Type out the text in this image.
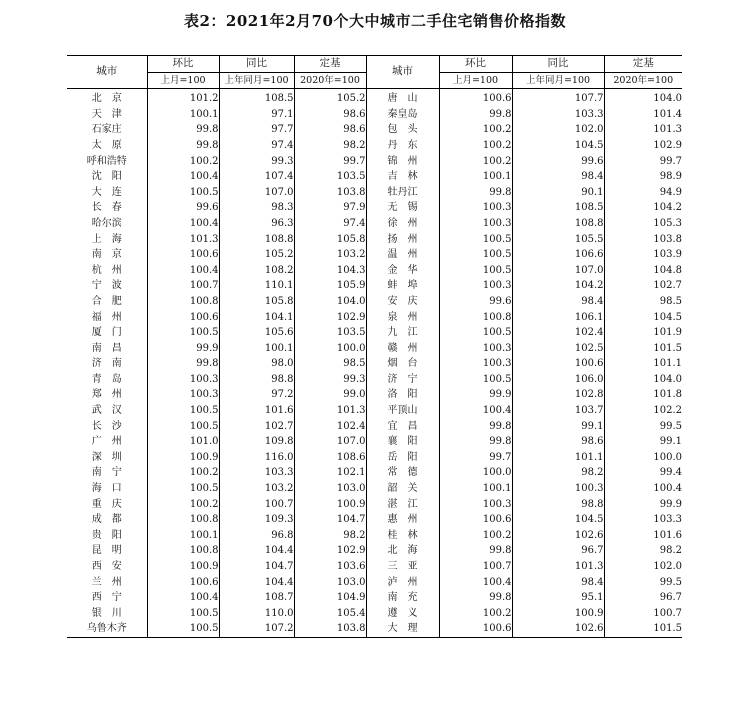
表2：2021年2月70个大中城市二手住宅销售价格指数
城市	环比	同比	定基	城市	环比	同比	定基
	上月=100	上年同月=100	2020年=100		上月=100	上年同月=100	2020年=100
北　京	101.2	108.5	105.2	唐　山	100.6	107.7	104.0
天　津	100.1	97.1	98.6	秦皇岛	99.8	103.3	101.4
石家庄	99.8	97.7	98.6	包　头	100.2	102.0	101.3
太　原	99.8	97.4	98.2	丹　东	100.2	104.5	102.9
呼和浩特	100.2	99.3	99.7	锦　州	100.2	99.6	99.7
沈　阳	100.4	107.4	103.5	吉　林	100.1	98.4	98.9
大　连	100.5	107.0	103.8	牡丹江	99.8	90.1	94.9
长　春	99.6	98.3	97.9	无　锡	100.3	108.5	104.2
哈尔滨	100.4	96.3	97.4	徐　州	100.3	108.8	105.3
上　海	101.3	108.8	105.8	扬　州	100.5	105.5	103.8
南　京	100.6	105.2	103.2	温　州	100.5	106.6	103.9
杭　州	100.4	108.2	104.3	金　华	100.5	107.0	104.8
宁　波	100.7	110.1	105.9	蚌　埠	100.3	104.2	102.7
合　肥	100.8	105.8	104.0	安　庆	99.6	98.4	98.5
福　州	100.6	104.1	102.9	泉　州	100.8	106.1	104.5
厦　门	100.5	105.6	103.5	九　江	100.5	102.4	101.9
南　昌	99.9	100.1	100.0	赣　州	100.3	102.5	101.5
济　南	99.8	98.0	98.5	烟　台	100.3	100.6	101.1
青　岛	100.3	98.8	99.3	济　宁	100.5	106.0	104.0
郑　州	100.3	97.2	99.0	洛　阳	99.9	102.8	101.8
武　汉	100.5	101.6	101.3	平顶山	100.4	103.7	102.2
长　沙	100.5	102.7	102.4	宜　昌	99.8	99.1	99.5
广　州	101.0	109.8	107.0	襄　阳	99.8	98.6	99.1
深　圳	100.9	116.0	108.6	岳　阳	99.7	101.1	100.0
南　宁	100.2	103.3	102.1	常　德	100.0	98.2	99.4
海　口	100.5	103.2	103.0	韶　关	100.1	100.3	100.4
重　庆	100.2	100.7	100.9	湛　江	100.3	98.8	99.9
成　都	100.8	109.3	104.7	惠　州	100.6	104.5	103.3
贵　阳	100.1	96.8	98.2	桂　林	100.2	102.6	101.6
昆　明	100.8	104.4	102.9	北　海	99.8	96.7	98.2
西　安	100.9	104.7	103.6	三　亚	100.7	101.3	102.0
兰　州	100.6	104.4	103.0	泸　州	100.4	98.4	99.5
西　宁	100.4	108.7	104.9	南　充	99.8	95.1	96.7
银　川	100.5	110.0	105.4	遵　义	100.2	100.9	100.7
乌鲁木齐	100.5	107.2	103.8	大　理	100.6	102.6	101.5
